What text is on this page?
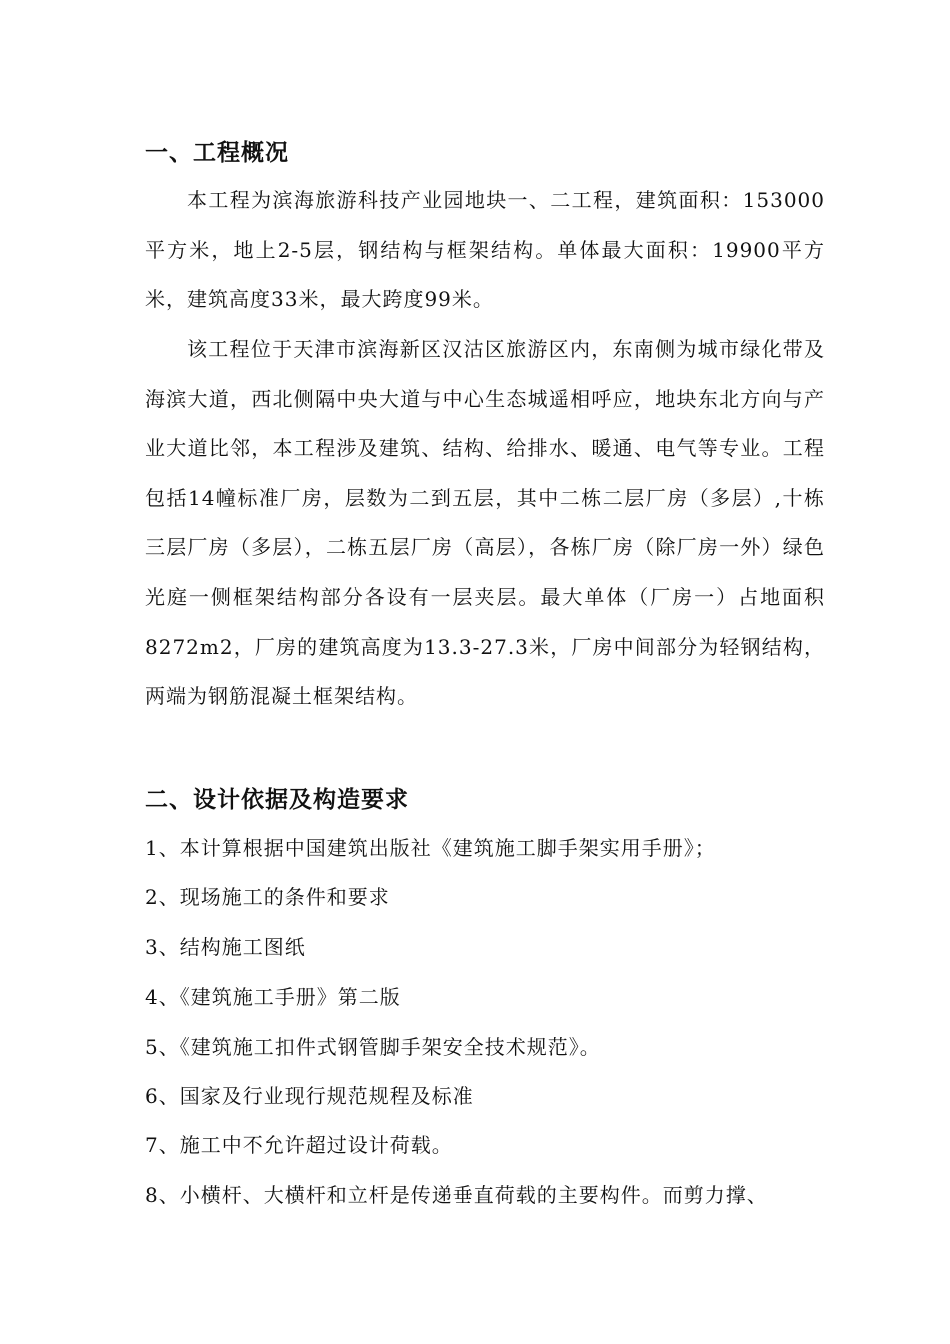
一、工程概况
本工程为滨海旅游科技产业园地块一、二工程，建筑面积：153000平方米，地上2-5层，钢结构与框架结构。单体最大面积：19900平方米，建筑高度33米，最大跨度99米。
该工程位于天津市滨海新区汉沽区旅游区内，东南侧为城市绿化带及海滨大道，西北侧隔中央大道与中心生态城遥相呼应，地块东北方向与产业大道比邻，本工程涉及建筑、结构、给排水、暖通、电气等专业。工程包括14幢标准厂房，层数为二到五层，其中二栋二层厂房（多层）,十栋三层厂房（多层），二栋五层厂房（高层），各栋厂房（除厂房一外）绿色光庭一侧框架结构部分各设有一层夹层。最大单体（厂房一）占地面积8272m2，厂房的建筑高度为13.3-27.3米，厂房中间部分为轻钢结构，两端为钢筋混凝土框架结构。
二、设计依据及构造要求
1、本计算根据中国建筑出版社《建筑施工脚手架实用手册》；
2、现场施工的条件和要求
3、结构施工图纸
4、《建筑施工手册》第二版
5、《建筑施工扣件式钢管脚手架安全技术规范》。
6、国家及行业现行规范规程及标准
7、施工中不允许超过设计荷载。
8、小横杆、大横杆和立杆是传递垂直荷载的主要构件。而剪力撑、
